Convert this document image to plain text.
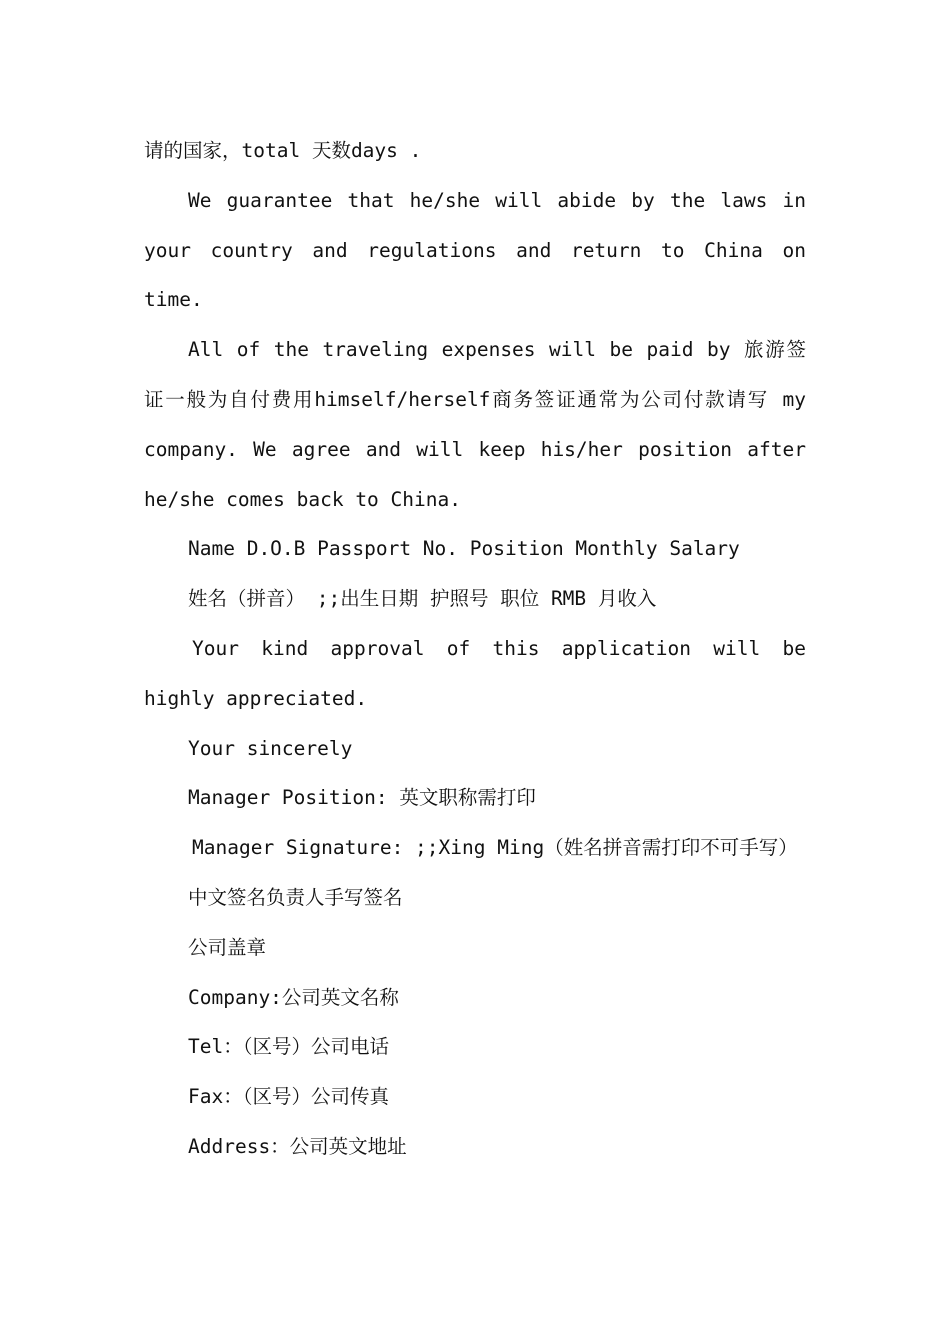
请的国家，total 天数days .

We guarantee that he/she will abide by the laws in your country and regulations and return to China on time.

All of the traveling expenses will be paid by 旅游签证一般为自付费用himself/herself商务签证通常为公司付款请写 my company. We agree and will keep his/her position after he/she comes back to China.

Name D.O.B Passport No. Position Monthly Salary

姓名（拼音） ;;出生日期 护照号 职位 RMB 月收入

Your kind approval of this application will be highly appreciated.

Your sincerely

Manager Position: 英文职称需打印

Manager Signature: ;;Xing Ming（姓名拼音需打印不可手写）

中文签名负责人手写签名

公司盖章

Company:公司英文名称

Tel：（区号）公司电话

Fax：（区号）公司传真

Address：公司英文地址
